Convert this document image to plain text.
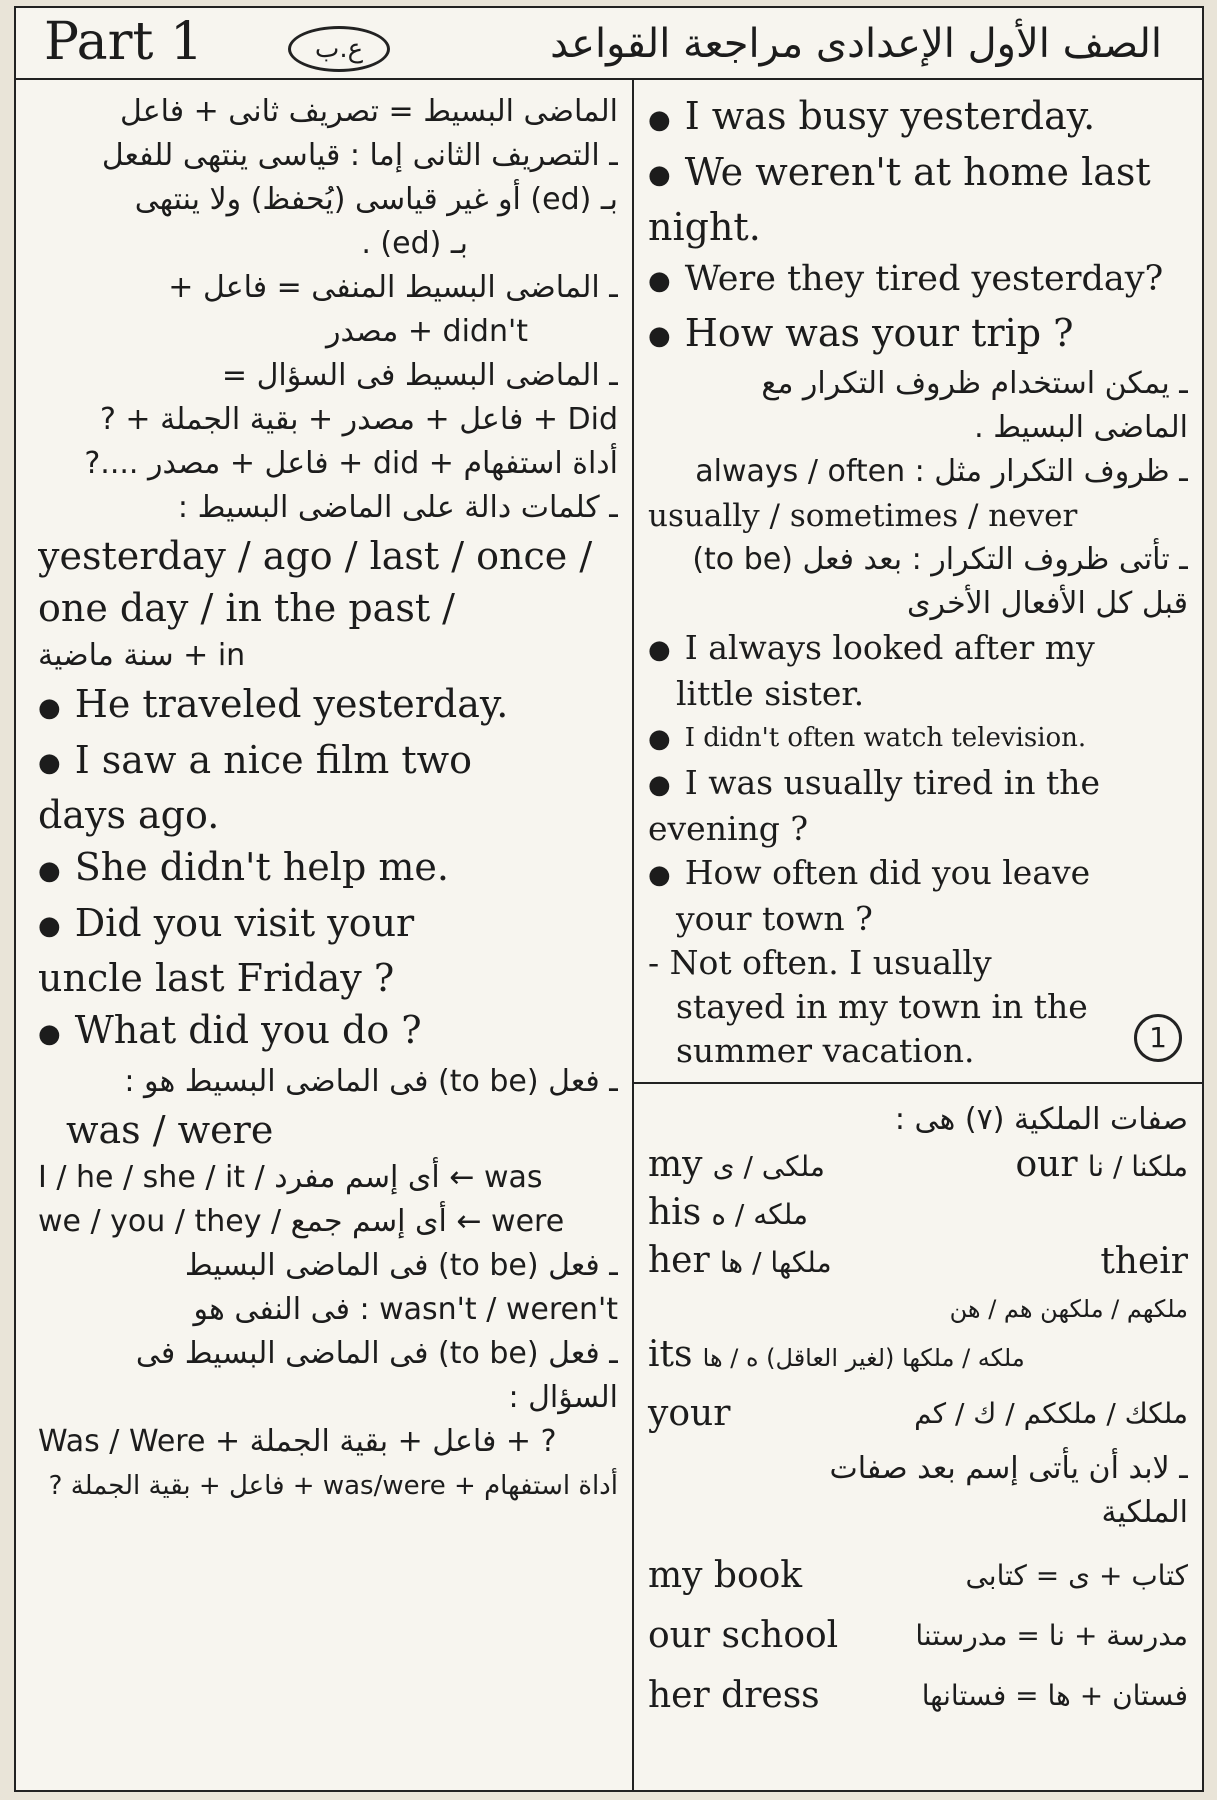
Part 1	ع.ب	الصف الأول الإعدادى مراجعة القواعد
الماضى البسيط = تصريف ثانى + فاعل
ـ التصريف الثانى إما : قياسى ينتهى للفعل
بـ (ed) أو غير قياسى (يُحفظ) ولا ينتهى
بـ (ed) .
ـ الماضى البسيط المنفى = فاعل +
didn't + مصدر
ـ الماضى البسيط فى السؤال =
Did + فاعل + مصدر + بقية الجملة + ?
أداة استفهام + did + فاعل + مصدر ....?
ـ كلمات دالة على الماضى البسيط :
yesterday / ago / last / once /
one day / in the past /
in + سنة ماضية
● He traveled yesterday.
● I saw a nice film two
days ago.
● She didn't help me.
● Did you visit your
uncle last Friday ?
● What did you do ?
ـ فعل (to be) فى الماضى البسيط هو :
was / were
I / he / she / it / أى إسم مفرد ← was
we / you / they / أى إسم جمع ← were
ـ فعل (to be) فى الماضى البسيط
wasn't / weren't : فى النفى هو
ـ فعل (to be) فى الماضى البسيط فى
السؤال :
Was / Were + فاعل + بقية الجملة + ?
أداة استفهام + was/were + فاعل + بقية الجملة ?
● I was busy yesterday.
● We weren't at home last
night.
● Were they tired yesterday?
● How was your trip ?
ـ يمكن استخدام ظروف التكرار مع
الماضى البسيط .
ـ ظروف التكرار مثل : always / often
usually / sometimes / never
ـ تأتى ظروف التكرار : بعد فعل (to be)
قبل كل الأفعال الأخرى
● I always looked after my
little sister.
● I didn't often watch television.
● I was usually tired in the
evening ?
● How often did you leave
your town ?
- Not often. I usually
stayed in my town in the
summer vacation.	1
صفات الملكية (٧) هى :
my ملكى / ى	our ملكنا / نا
his ملكه / ه
her ملكها / ها	their
ملكهم / ملكهن هم / هن
its ملكه / ملكها (لغير العاقل) ه / ها
your	ملكك / ملككم / ك / كم
ـ لابد أن يأتى إسم بعد صفات
الملكية
my book	كتاب + ى = كتابى
our school	مدرسة + نا = مدرستنا
her dress	فستان + ها = فستانها
